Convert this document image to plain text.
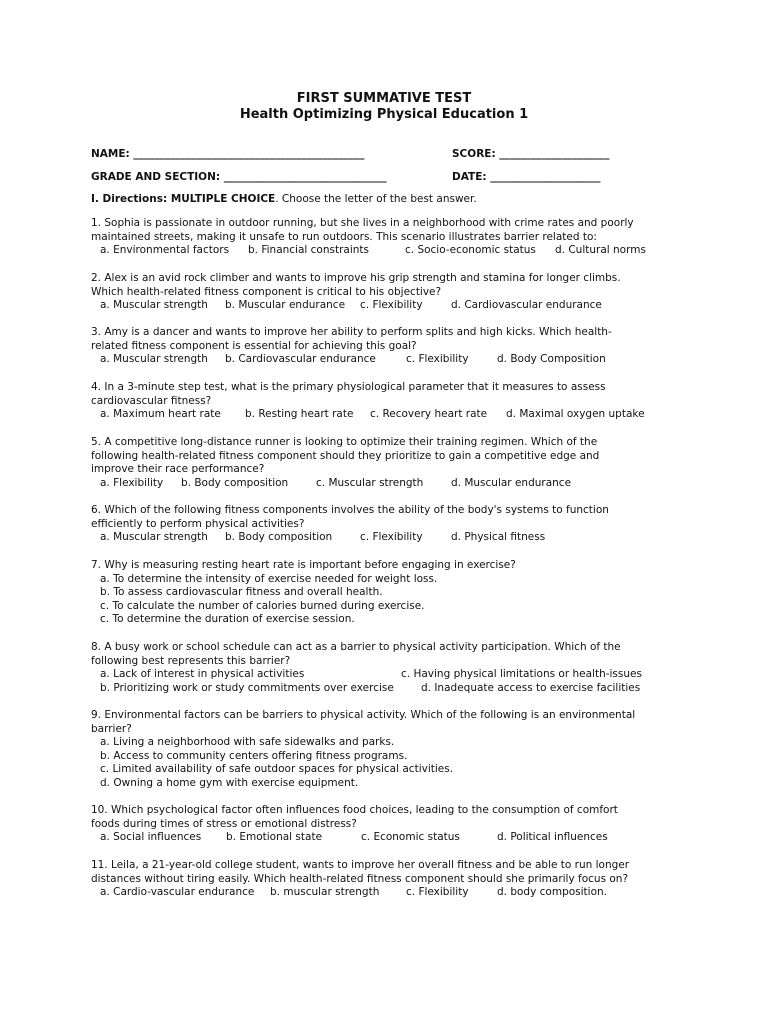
FIRST SUMMATIVE TEST
Health Optimizing Physical Education 1
NAME: ____________________________________________	SCORE: _____________________
GRADE AND SECTION: _______________________________	DATE: _____________________
I. Directions: MULTIPLE CHOICE. Choose the letter of the best answer.
1. Sophia is passionate in outdoor running, but she lives in a neighborhood with crime rates and poorly
maintained streets, making it unsafe to run outdoors. This scenario illustrates barrier related to:
a. Environmental factors	b. Financial constraints	c. Socio-economic status	d. Cultural norms
2. Alex is an avid rock climber and wants to improve his grip strength and stamina for longer climbs.
Which health-related fitness component is critical to his objective?
a. Muscular strength	b. Muscular endurance	c. Flexibility	d. Cardiovascular endurance
3. Amy is a dancer and wants to improve her ability to perform splits and high kicks. Which health-
related fitness component is essential for achieving this goal?
a. Muscular strength	b. Cardiovascular endurance	c. Flexibility	d. Body Composition
4. In a 3-minute step test, what is the primary physiological parameter that it measures to assess
cardiovascular fitness?
a. Maximum heart rate	b. Resting heart rate	c. Recovery heart rate	d. Maximal oxygen uptake
5. A competitive long-distance runner is looking to optimize their training regimen. Which of the
following health-related fitness component should they prioritize to gain a competitive edge and
improve their race performance?
a. Flexibility	b. Body composition	c. Muscular strength	d. Muscular endurance
6. Which of the following fitness components involves the ability of the body's systems to function
efficiently to perform physical activities?
a. Muscular strength	b. Body composition	c. Flexibility	d. Physical fitness
7. Why is measuring resting heart rate is important before engaging in exercise?
a. To determine the intensity of exercise needed for weight loss.
b. To assess cardiovascular fitness and overall health.
c. To calculate the number of calories burned during exercise.
c. To determine the duration of exercise session.
8. A busy work or school schedule can act as a barrier to physical activity participation. Which of the
following best represents this barrier?
a. Lack of interest in physical activities	c. Having physical limitations or health-issues
b. Prioritizing work or study commitments over exercise	d. Inadequate access to exercise facilities
9. Environmental factors can be barriers to physical activity. Which of the following is an environmental
barrier?
a. Living a neighborhood with safe sidewalks and parks.
b. Access to community centers offering fitness programs.
c. Limited availability of safe outdoor spaces for physical activities.
d. Owning a home gym with exercise equipment.
10. Which psychological factor often influences food choices, leading to the consumption of comfort
foods during times of stress or emotional distress?
a. Social influences	b. Emotional state	c. Economic status	d. Political influences
11. Leila, a 21-year-old college student, wants to improve her overall fitness and be able to run longer
distances without tiring easily. Which health-related fitness component should she primarily focus on?
a. Cardio-vascular endurance	b. muscular strength	c. Flexibility	d. body composition.
